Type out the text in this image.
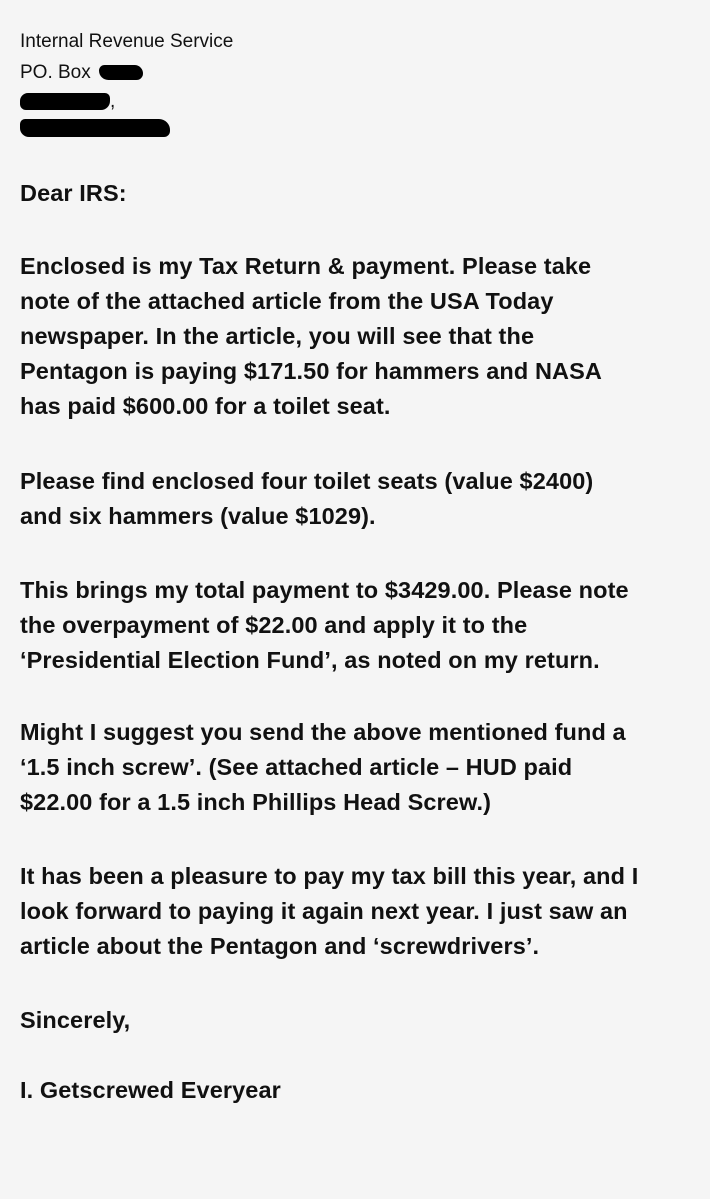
Internal Revenue Service
PO. Box
,
Dear IRS:
Enclosed is my Tax Return & payment. Please take
note of the attached article from the USA Today
newspaper. In the article, you will see that the
Pentagon is paying $171.50 for hammers and NASA
has paid $600.00 for a toilet seat.
Please find enclosed four toilet seats (value $2400)
and six hammers (value $1029).
This brings my total payment to $3429.00. Please note
the overpayment of $22.00 and apply it to the
‘Presidential Election Fund’, as noted on my return.
Might I suggest you send the above mentioned fund a
‘1.5 inch screw’. (See attached article – HUD paid
$22.00 for a 1.5 inch Phillips Head Screw.)
It has been a pleasure to pay my tax bill this year, and I
look forward to paying it again next year. I just saw an
article about the Pentagon and ‘screwdrivers’.
Sincerely,
I. Getscrewed Everyear
